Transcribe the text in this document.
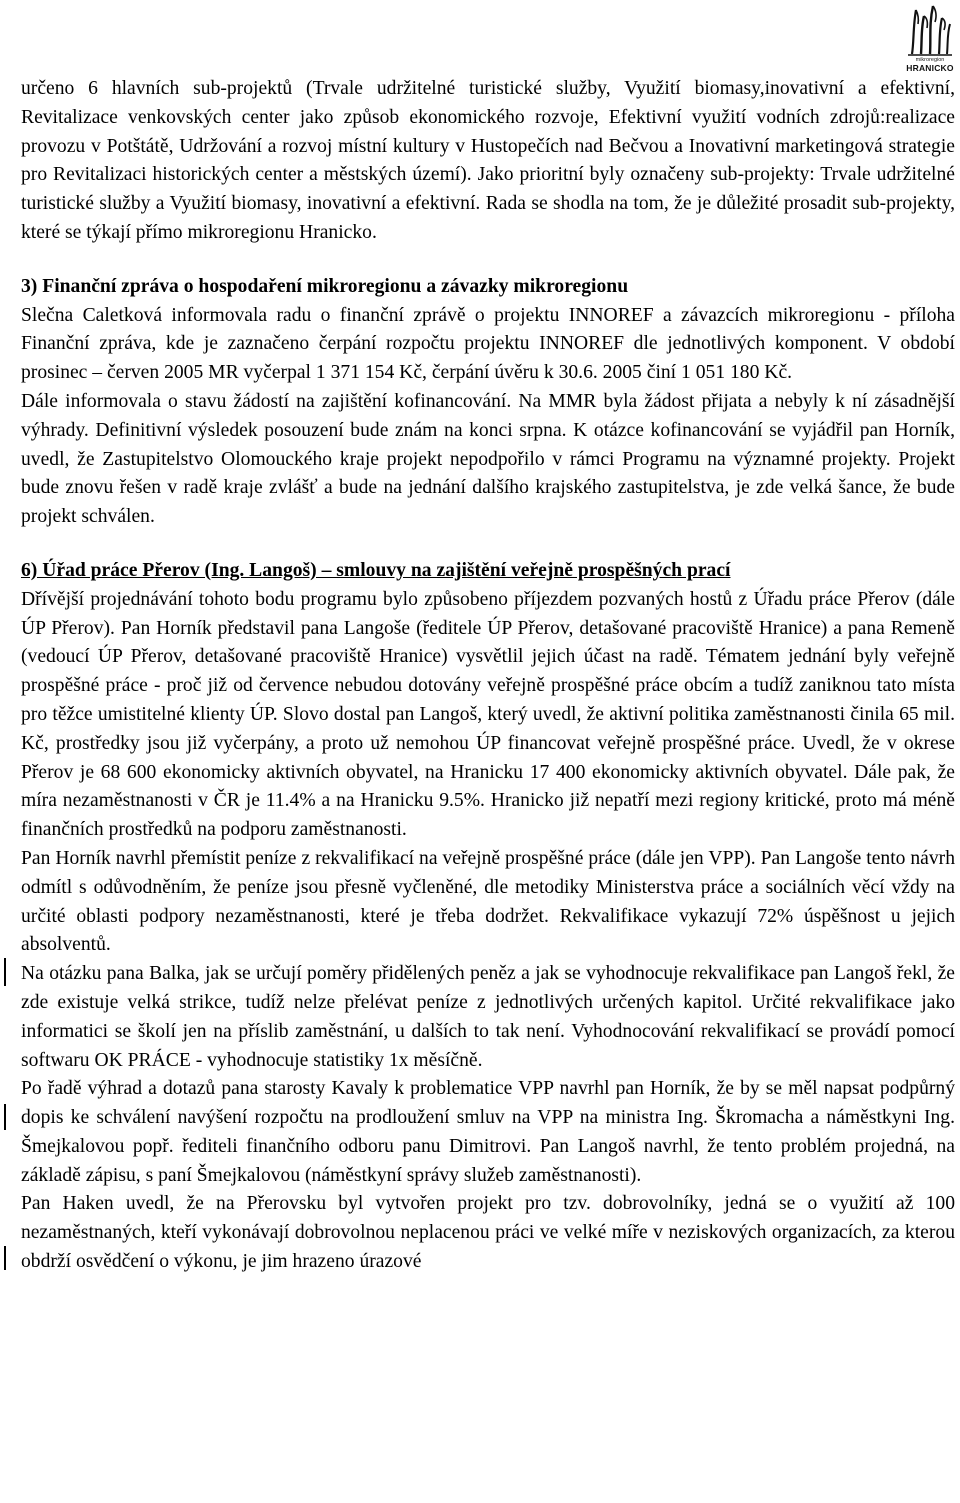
mikroregion
HRANICKO

určeno 6 hlavních sub-projektů (Trvale udržitelné turistické služby, Využití biomasy,inovativní a efektivní, Revitalizace venkovských center jako způsob ekonomického rozvoje, Efektivní využití vodních zdrojů:realizace provozu v Potštátě, Udržování a rozvoj místní kultury v Hustopečích nad Bečvou a Inovativní marketingová strategie pro Revitalizaci historických center a městských území). Jako prioritní byly označeny sub-projekty: Trvale udržitelné turistické služby a Využití biomasy, inovativní a efektivní. Rada se shodla na tom, že je důležité prosadit sub-projekty, které se týkají přímo mikroregionu Hranicko.

3) Finanční zpráva o hospodaření mikroregionu a závazky mikroregionu

Slečna Caletková informovala radu o finanční zprávě o projektu INNOREF a závazcích mikroregionu - příloha Finanční zpráva, kde je zaznačeno čerpání rozpočtu projektu INNOREF dle jednotlivých komponent. V období prosinec – červen 2005 MR vyčerpal 1 371 154 Kč, čerpání úvěru k 30.6. 2005 činí 1 051 180 Kč.

Dále informovala o stavu žádostí na zajištění kofinancování. Na MMR byla žádost přijata a nebyly k ní zásadnější výhrady. Definitivní výsledek posouzení bude znám na konci srpna. K otázce kofinancování se vyjádřil pan Horník, uvedl, že Zastupitelstvo Olomouckého kraje projekt nepodpořilo v rámci Programu na významné projekty. Projekt bude znovu řešen v radě kraje zvlášť a bude na jednání dalšího krajského zastupitelstva, je zde velká šance, že bude projekt schválen.

6) Úřad práce Přerov (Ing. Langoš) – smlouvy na zajištění veřejně prospěšných prací

Dřívější projednávání tohoto bodu programu bylo způsobeno příjezdem pozvaných hostů z Úřadu práce Přerov (dále ÚP Přerov). Pan Horník představil pana Langoše (ředitele ÚP Přerov, detašované pracoviště Hranice) a pana Remeně (vedoucí ÚP Přerov, detašované pracoviště Hranice) vysvětlil jejich účast na radě. Tématem jednání byly veřejně prospěšné práce - proč již od července nebudou dotovány veřejně prospěšné práce obcím a tudíž zaniknou tato místa pro těžce umistitelné klienty ÚP. Slovo dostal pan Langoš, který uvedl, že aktivní politika zaměstnanosti činila 65 mil. Kč, prostředky jsou již vyčerpány, a proto už nemohou ÚP financovat veřejně prospěšné práce. Uvedl, že v okrese Přerov je 68 600 ekonomicky aktivních obyvatel, na Hranicku 17 400 ekonomicky aktivních obyvatel. Dále pak, že míra nezaměstnanosti v ČR je 11.4% a na Hranicku 9.5%. Hranicko již nepatří mezi regiony kritické, proto má méně finančních prostředků na podporu zaměstnanosti.

Pan Horník navrhl přemístit peníze z rekvalifikací na veřejně prospěšné práce (dále jen VPP). Pan Langoše tento návrh odmítl s odůvodněním, že peníze jsou přesně vyčleněné, dle metodiky Ministerstva práce a sociálních věcí vždy na určité oblasti podpory nezaměstnanosti, které je třeba dodržet. Rekvalifikace vykazují 72% úspěšnost u jejich absolventů.

Na otázku pana Balka, jak se určují poměry přidělených peněz a jak se vyhodnocuje rekvalifikace pan Langoš řekl, že zde existuje velká strikce, tudíž nelze přelévat peníze z jednotlivých určených kapitol. Určité rekvalifikace jako informatici se školí jen na příslib zaměstnání, u dalších to tak není. Vyhodnocování rekvalifikací se provádí pomocí softwaru OK PRÁCE - vyhodnocuje statistiky 1x měsíčně.

Po řadě výhrad a dotazů pana starosty Kavaly k problematice VPP navrhl pan Horník, že by se měl napsat podpůrný dopis ke schválení navýšení rozpočtu na prodloužení smluv na VPP na ministra Ing. Škromacha a náměstkyni Ing. Šmejkalovou popř. řediteli finančního odboru panu Dimitrovi. Pan Langoš navrhl, že tento problém projedná, na základě zápisu, s paní Šmejkalovou (náměstkyní správy služeb zaměstnanosti).

Pan Haken uvedl, že na Přerovsku byl vytvořen projekt pro tzv. dobrovolníky, jedná se o využití až 100 nezaměstnaných, kteří vykonávají dobrovolnou neplacenou práci ve velké míře v neziskových organizacích, za kterou obdrží osvědčení o výkonu, je jim hrazeno úrazové
